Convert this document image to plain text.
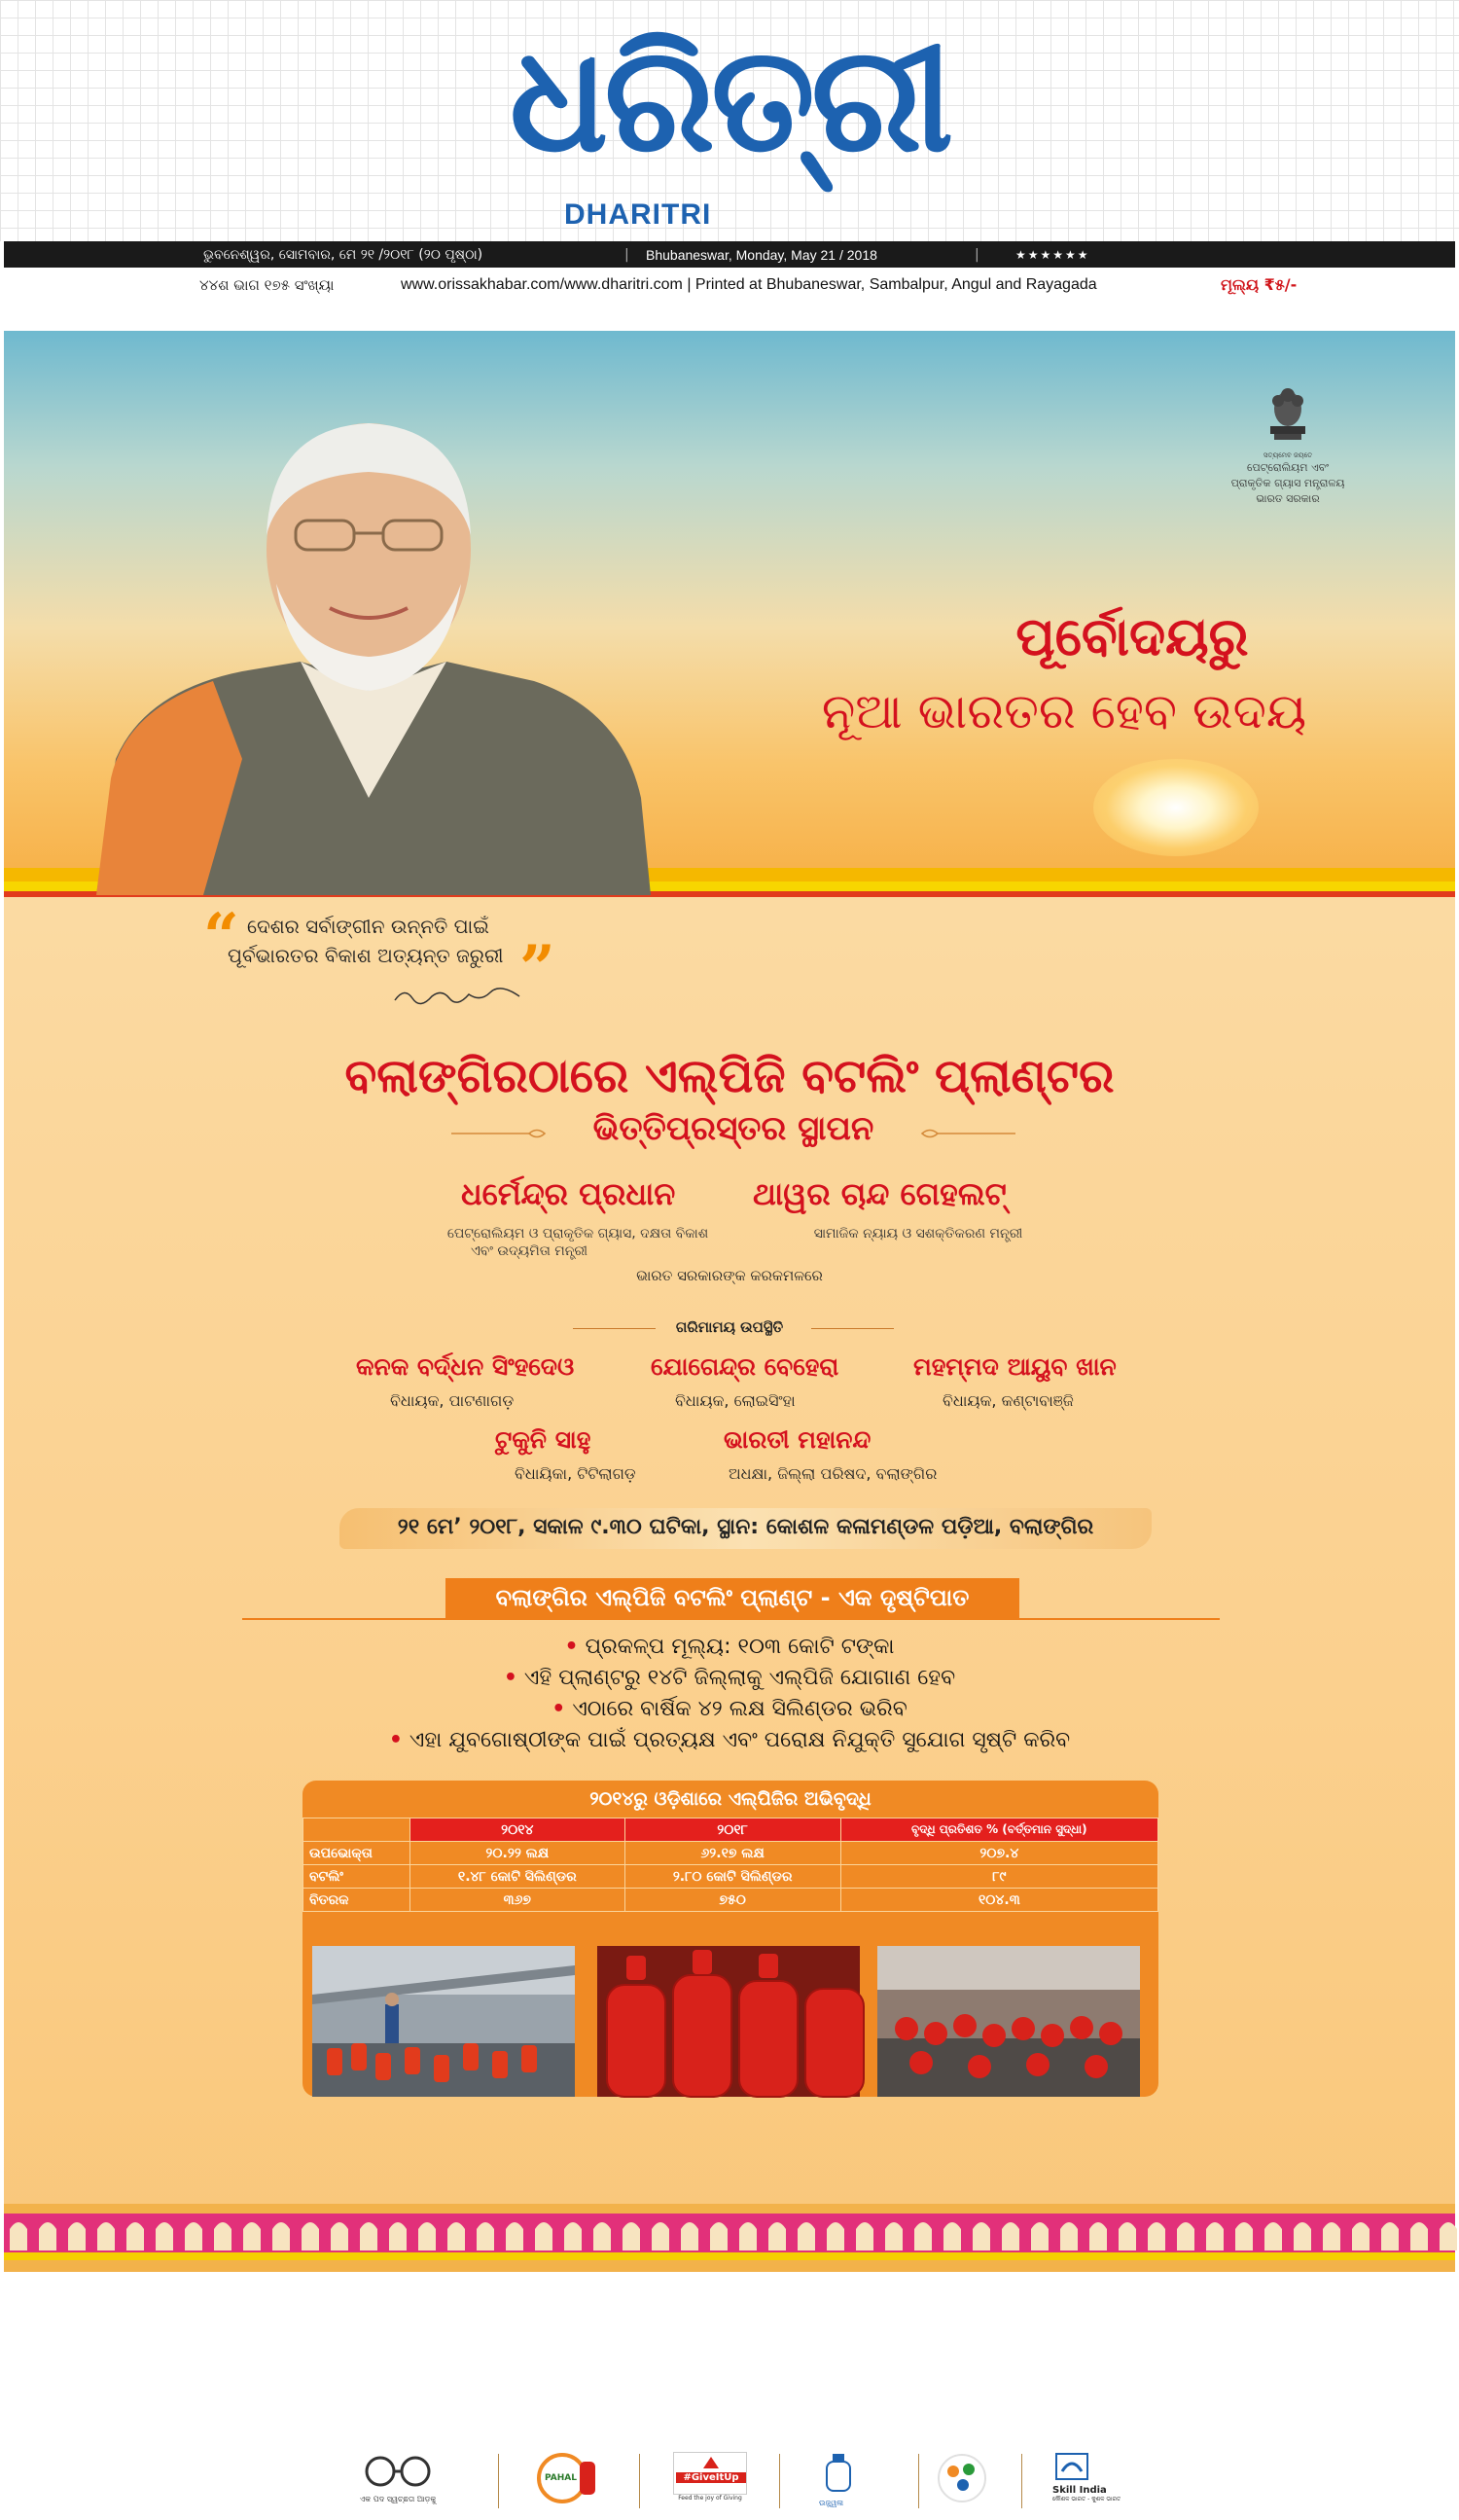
ଧରିତ୍ରୀ
DHARITRI
ଭୁବନେଶ୍ୱର, ସୋମବାର, ମେ ୨୧ /୨୦୧୮ (୨୦ ପୃଷ୍ଠା)	| Bhubaneswar, Monday, May 21 / 2018	|	★★★★★★
୪୪ଶ ଭାଗ ୧୭୫ ସଂଖ୍ୟା	www.orissakhabar.com/www.dharitri.com | Printed at Bhubaneswar, Sambalpur, Angul and Rayagada	ମୂଲ୍ୟ ₹୫/-
ସତ୍ୟମେବ ଜୟତେ
ପେଟ୍ରୋଲିୟମ ଏବଂ
ପ୍ରାକୃତିକ ଗ୍ୟାସ ମନ୍ତ୍ରାଳୟ
ଭାରତ ସରକାର
ପୂର୍ବୋଦୟରୁ
ନୂଆ ଭାରତର ହେବ ଉଦୟ
“ ଦେଶର ସର୍ବାଙ୍ଗୀନ ଉନ୍ନତି ପାଇଁ
ପୂର୍ବଭାରତର ବିକାଶ ଅତ୍ୟନ୍ତ ଜରୁରୀ ”
ବଲାଙ୍ଗିରଠାରେ ଏଲ୍‌ପିଜି ବଟଲିଂ ପ୍ଲାଣ୍ଟର
ଭିତ୍ତିପ୍ରସ୍ତର ସ୍ଥାପନ
ଧର୍ମେନ୍ଦ୍ର ପ୍ରଧାନ
ପେଟ୍ରୋଲିୟମ ଓ ପ୍ରାକୃତିକ ଗ୍ୟାସ, ଦକ୍ଷତା ବିକାଶ
ଏବଂ ଉଦ୍ୟମିତା ମନ୍ତ୍ରୀ
ଥାୱର ଚାନ୍ଦ ଗେହଲଟ୍
ସାମାଜିକ ନ୍ୟାୟ ଓ ସଶକ୍ତିକରଣ ମନ୍ତ୍ରୀ
ଭାରତ ସରକାରଙ୍କ କରକମଳରେ
ଗରିମାମୟ ଉପସ୍ଥିତି
କନକ ବର୍ଦ୍ଧନ ସିଂହଦେଓ
ବିଧାୟକ, ପାଟଣାଗଡ଼
ଯୋଗେନ୍ଦ୍ର ବେହେରା
ବିଧାୟକ, ଲୋଇସିଂହା
ମହମ୍ମଦ ଆୟୁବ ଖାନ
ବିଧାୟକ, କଣ୍ଟାବାଞ୍ଜି
ଟୁକୁନି ସାହୁ
ବିଧାୟିକା, ଟିଟିଲାଗଡ଼
ଭାରତୀ ମହାନନ୍ଦ
ଅଧକ୍ଷା, ଜିଲ୍ଲା ପରିଷଦ, ବଲାଙ୍ଗିର
୨୧ ମେ’ ୨୦୧୮, ସକାଳ ୯.୩୦ ଘଟିକା, ସ୍ଥାନ: କୋଶଳ କଳାମଣ୍ଡଳ ପଡ଼ିଆ, ବଲାଙ୍ଗିର
ବଲାଙ୍ଗିର ଏଲ୍‌ପିଜି ବଟଲିଂ ପ୍ଲାଣ୍ଟ - ଏକ ଦୃଷ୍ଟିପାତ
• ପ୍ରକଳ୍ପ ମୂଲ୍ୟ: ୧୦୩ କୋଟି ଟଙ୍କା
• ଏହି ପ୍ଲାଣ୍ଟରୁ ୧୪ଟି ଜିଲ୍ଲାକୁ ଏଲ୍‌ପିଜି ଯୋଗାଣ ହେବ
• ଏଠାରେ ବାର୍ଷିକ ୪୨ ଲକ୍ଷ ସିଲିଣ୍ଡର ଭରିବ
• ଏହା ଯୁବଗୋଷ୍ଠୀଙ୍କ ପାଇଁ ପ୍ରତ୍ୟକ୍ଷ ଏବଂ ପରୋକ୍ଷ ନିଯୁକ୍ତି ସୁଯୋଗ ସୃଷ୍ଟି କରିବ
୨୦୧୪ରୁ ଓଡ଼ିଶାରେ ଏଲ୍‌ପିଜିର ଅଭିବୃଦ୍ଧି
	୨୦୧୪	୨୦୧୮	ବୃଦ୍ଧି ପ୍ରତିଶତ % (ବର୍ତ୍ତମାନ ସୁଦ୍ଧା)
ଉପଭୋକ୍ତା	୨୦.୨୨ ଲକ୍ଷ	୬୨.୧୭ ଲକ୍ଷ	୨୦୭.୪
ବଟଲିଂ	୧.୪୮ କୋଟି ସିଲିଣ୍ଡର	୨.୮୦ କୋଟି ସିଲିଣ୍ଡର	୮୯
ବିତରକ	୩୬୭	୭୫୦	୧୦୪.୩
ଏକ ପଦ ସ୍ୱଚ୍ଛତା ଆଡ଼କୁ
PAHAL	#GiveItUp
Feed the joy of Giving
ଉଜ୍ଜ୍ୱଳା
Skill India
କୌଶଳ ଭାରତ - କୁଶଳ ଭାରତ
